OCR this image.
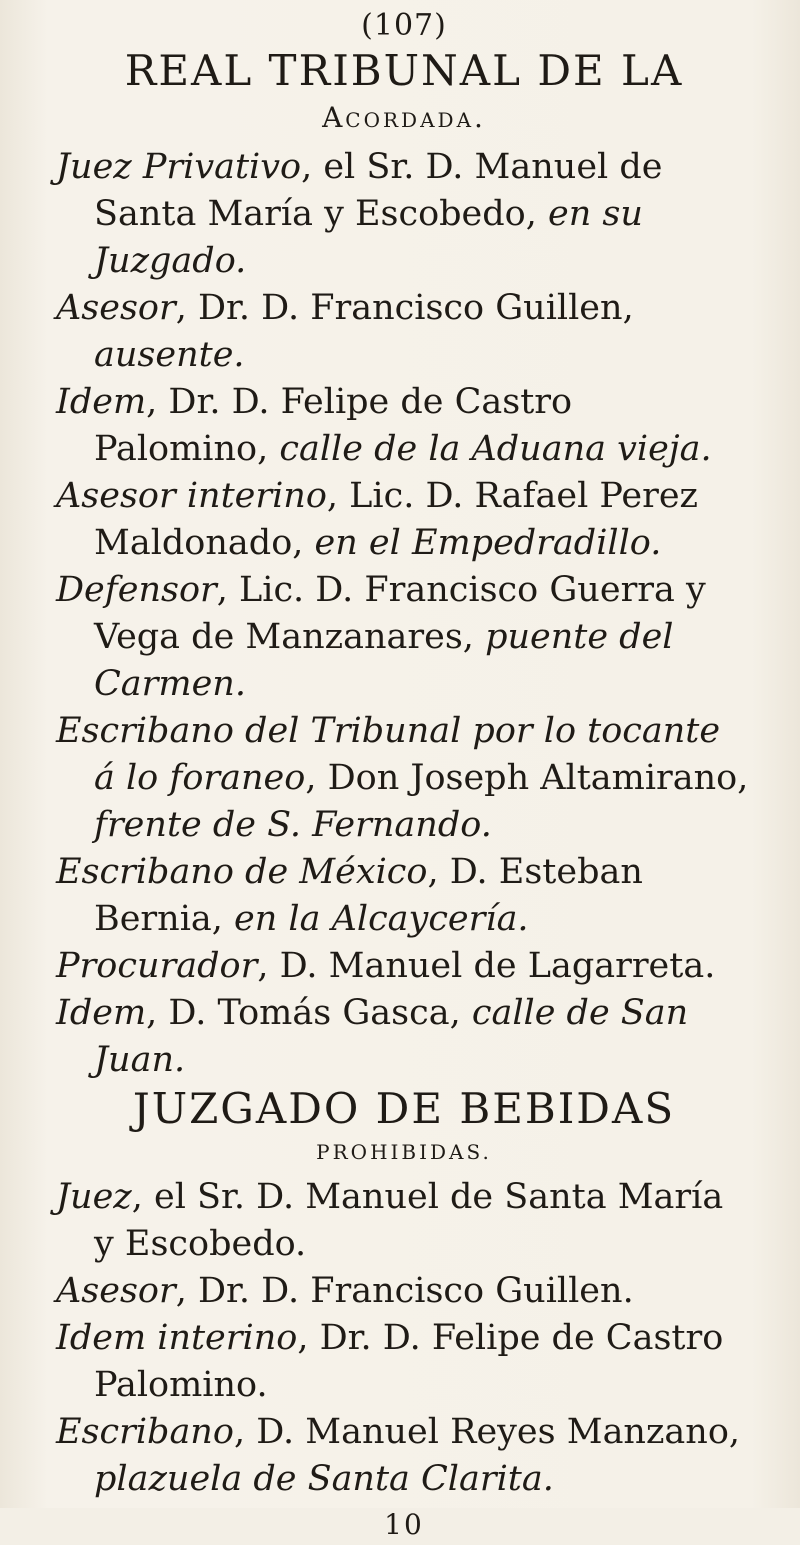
(107)
REAL TRIBUNAL DE LA
Acordada.

Juez Privativo, el Sr. D. Manuel de Santa María y Escobedo, en su Juzgado.

Asesor, Dr. D. Francisco Guillen, ausente.

Idem, Dr. D. Felipe de Castro Palomino, calle de la Aduana vieja.

Asesor interino, Lic. D. Rafael Perez Maldonado, en el Empedradillo.

Defensor, Lic. D. Francisco Guerra y Vega de Manzanares, puente del Carmen.

Escribano del Tribunal por lo tocante á lo foraneo, Don Joseph Altamirano, frente de S. Fernando.

Escribano de México, D. Esteban Bernia, en la Alcaycería.

Procurador, D. Manuel de Lagarreta.

Idem, D. Tomás Gasca, calle de San Juan.

JUZGADO DE BEBIDAS
PROHIBIDAS.

Juez, el Sr. D. Manuel de Santa María y Escobedo.

Asesor, Dr. D. Francisco Guillen.

Idem interino, Dr. D. Felipe de Castro Palomino.

Escribano, D. Manuel Reyes Manzano, plazuela de Santa Clarita.

10
